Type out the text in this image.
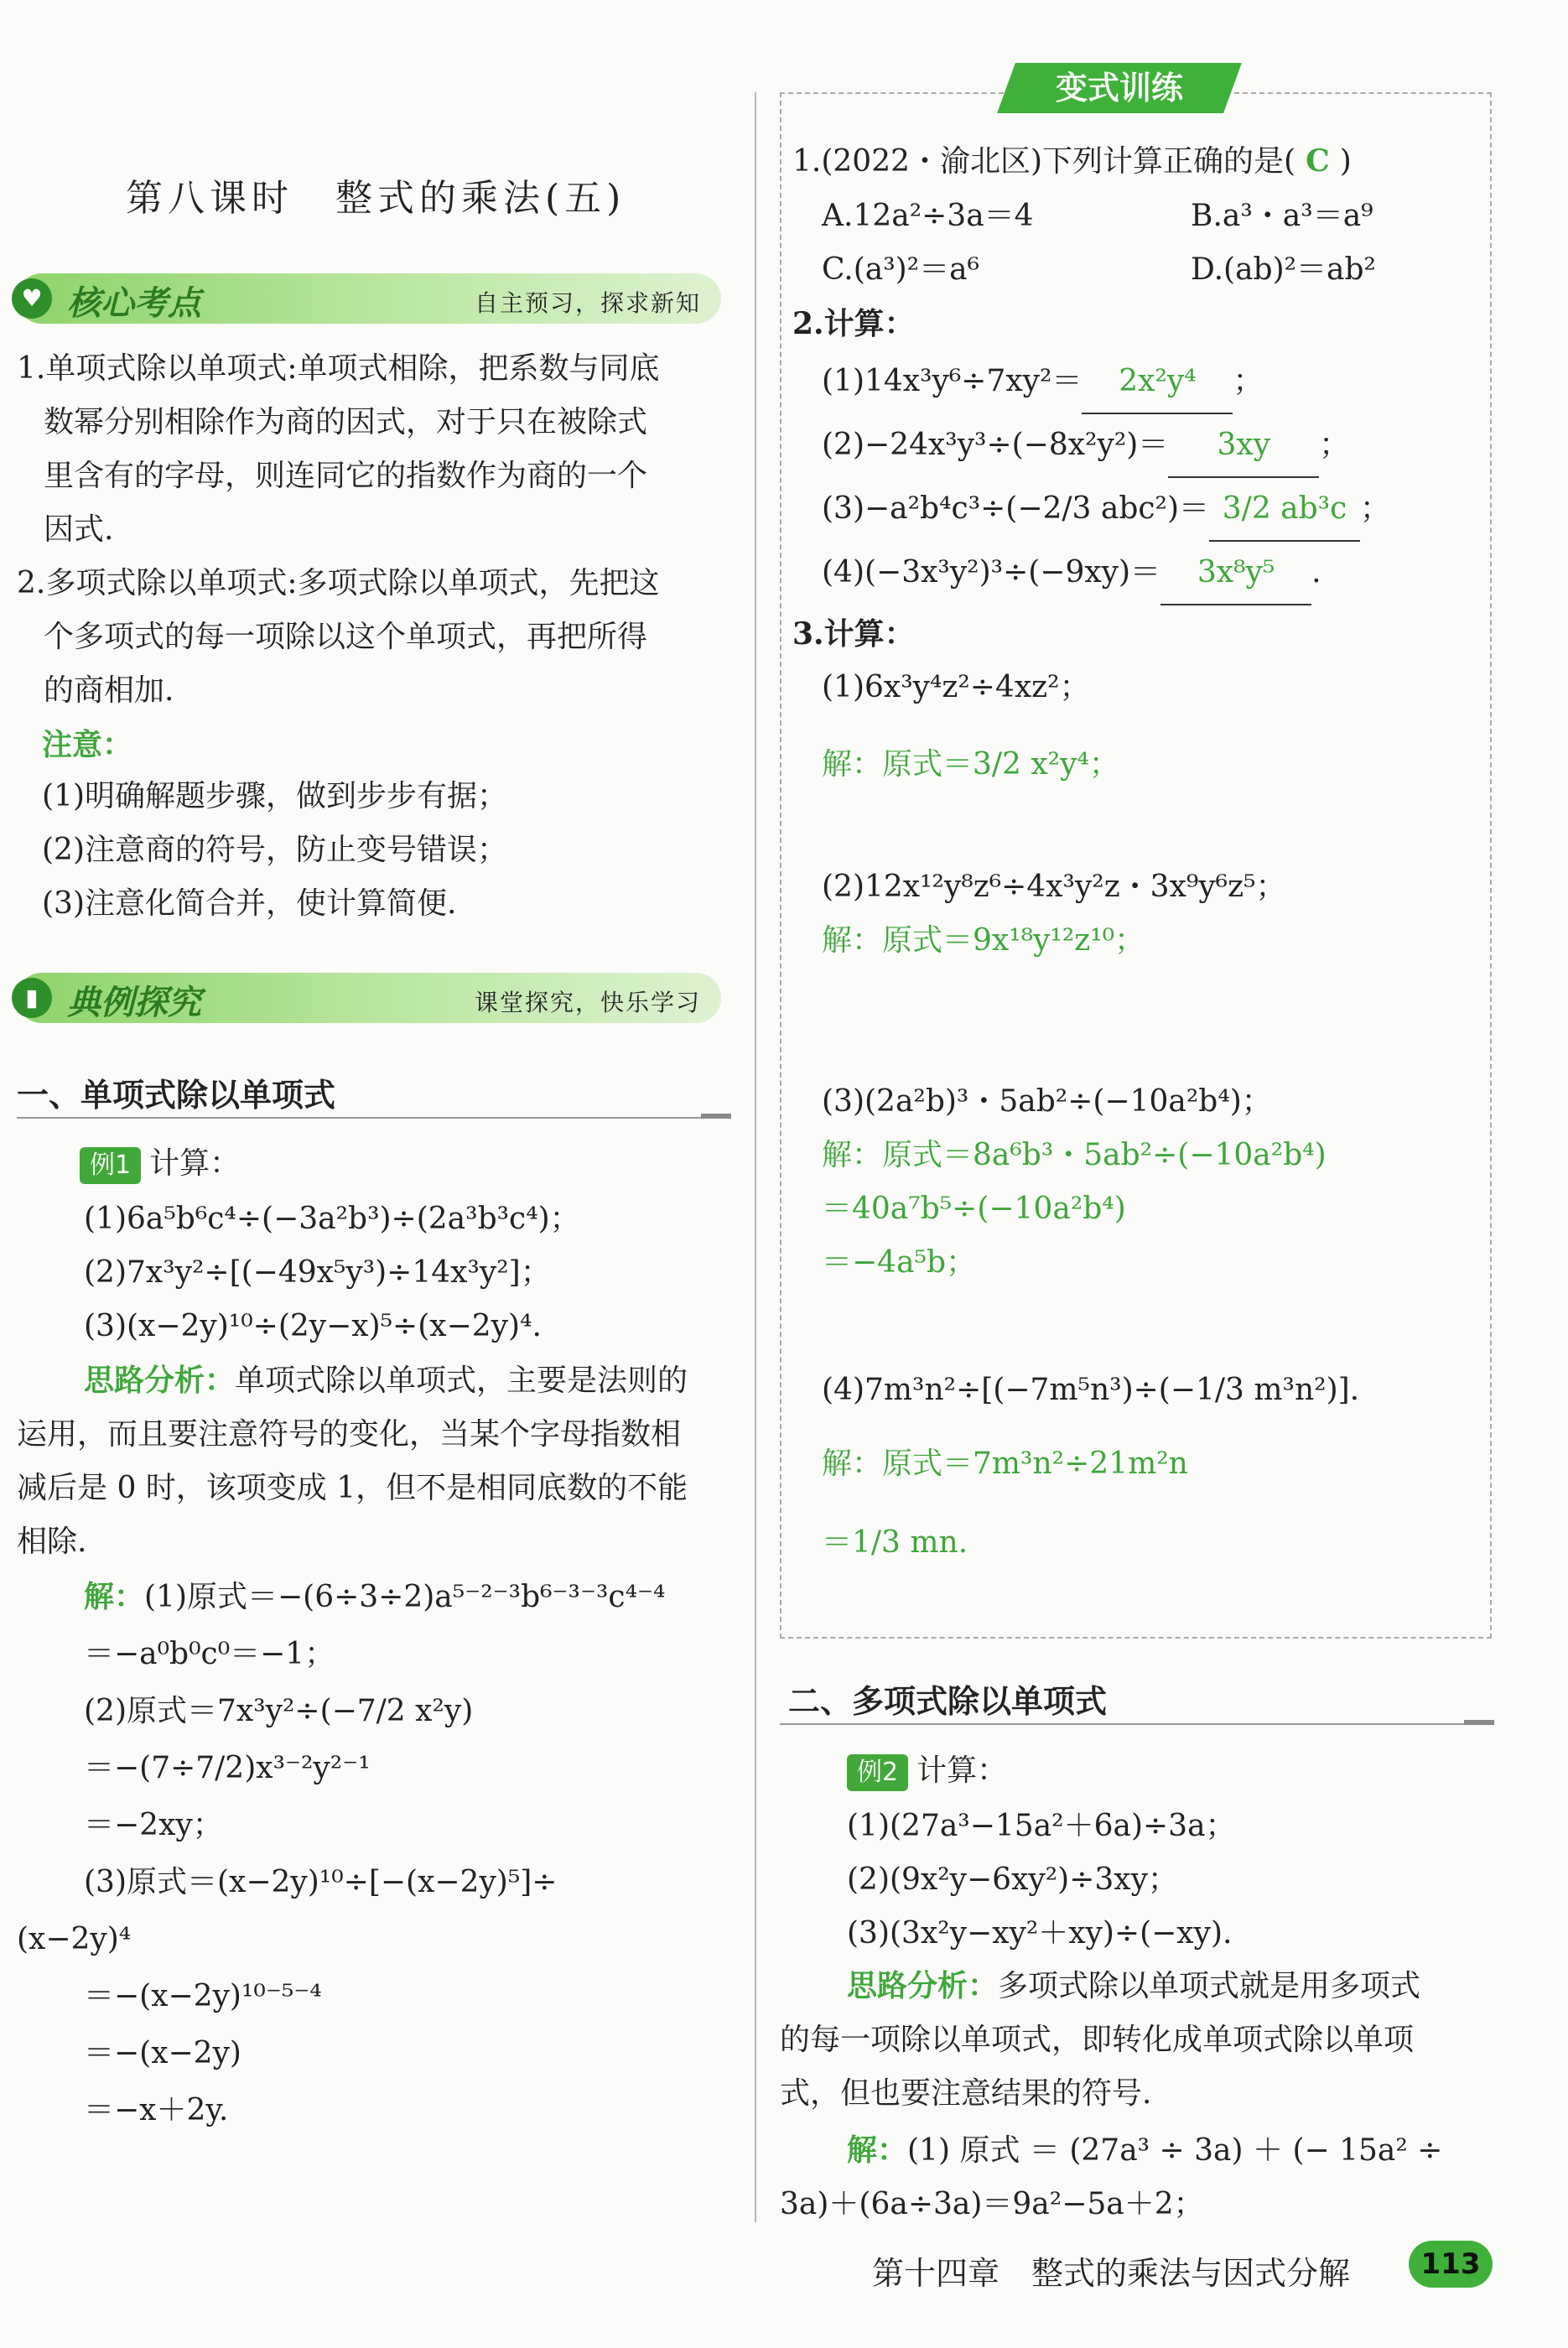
第八课时　整式的乘法(五)
♥ 核心考点	自主预习，探求新知
1.单项式除以单项式:单项式相除，把系数与同底
数幂分别相除作为商的因式，对于只在被除式
里含有的字母，则连同它的指数作为商的一个
因式.
2.多项式除以单项式:多项式除以单项式，先把这
个多项式的每一项除以这个单项式，再把所得
的商相加.
注意：
(1)明确解题步骤，做到步步有据；
(2)注意商的符号，防止变号错误；
(3)注意化简合并，使计算简便.
▮ 典例探究	课堂探究，快乐学习
一、单项式除以单项式
例1 计算：
(1)6a⁵b⁶c⁴÷(−3a²b³)÷(2a³b³c⁴)；
(2)7x³y²÷[(−49x⁵y³)÷14x³y²]；
(3)(x−2y)¹⁰÷(2y−x)⁵÷(x−2y)⁴.
思路分析：单项式除以单项式，主要是法则的
运用，而且要注意符号的变化，当某个字母指数相
减后是 0 时，该项变成 1，但不是相同底数的不能
相除.
解：(1)原式＝−(6÷3÷2)a⁵⁻²⁻³b⁶⁻³⁻³c⁴⁻⁴
＝−a⁰b⁰c⁰＝−1；
(2)原式＝7x³y²÷(−7/2 x²y)
＝−(7÷7/2)x³⁻²y²⁻¹
＝−2xy；
(3)原式＝(x−2y)¹⁰÷[−(x−2y)⁵]÷
(x−2y)⁴
＝−(x−2y)¹⁰⁻⁵⁻⁴
＝−(x−2y)
＝−x＋2y.
变式训练
1.(2022・渝北区)下列计算正确的是( C )
A.12a²÷3a＝4	B.a³・a³＝a⁹
C.(a³)²＝a⁶	D.(ab)²＝ab²
2.计算：
(1)14x³y⁶÷7xy²＝ 2x²y⁴ ；
(2)−24x³y³÷(−8x²y²)＝ 3xy ；
(3)−a²b⁴c³÷(−2/3 abc²)＝ 3/2 ab³c ；
(4)(−3x³y²)³÷(−9xy)＝ 3x⁸y⁵ .
3.计算：
(1)6x³y⁴z²÷4xz²；
解：原式＝3/2 x²y⁴；
(2)12x¹²y⁸z⁶÷4x³y²z・3x⁹y⁶z⁵；
解：原式＝9x¹⁸y¹²z¹⁰；
(3)(2a²b)³・5ab²÷(−10a²b⁴)；
解：原式＝8a⁶b³・5ab²÷(−10a²b⁴)
＝40a⁷b⁵÷(−10a²b⁴)
＝−4a⁵b；
(4)7m³n²÷[(−7m⁵n³)÷(−1/3 m³n²)].
解：原式＝7m³n²÷21m²n
＝1/3 mn.
二、多项式除以单项式
例2 计算：
(1)(27a³−15a²＋6a)÷3a；
(2)(9x²y−6xy²)÷3xy；
(3)(3x²y−xy²＋xy)÷(−xy).
思路分析：多项式除以单项式就是用多项式
的每一项除以单项式，即转化成单项式除以单项
式，但也要注意结果的符号.
解：(1) 原式 ＝ (27a³ ÷ 3a) ＋ (− 15a² ÷
3a)＋(6a÷3a)＝9a²−5a＋2；
第十四章　整式的乘法与因式分解	113
